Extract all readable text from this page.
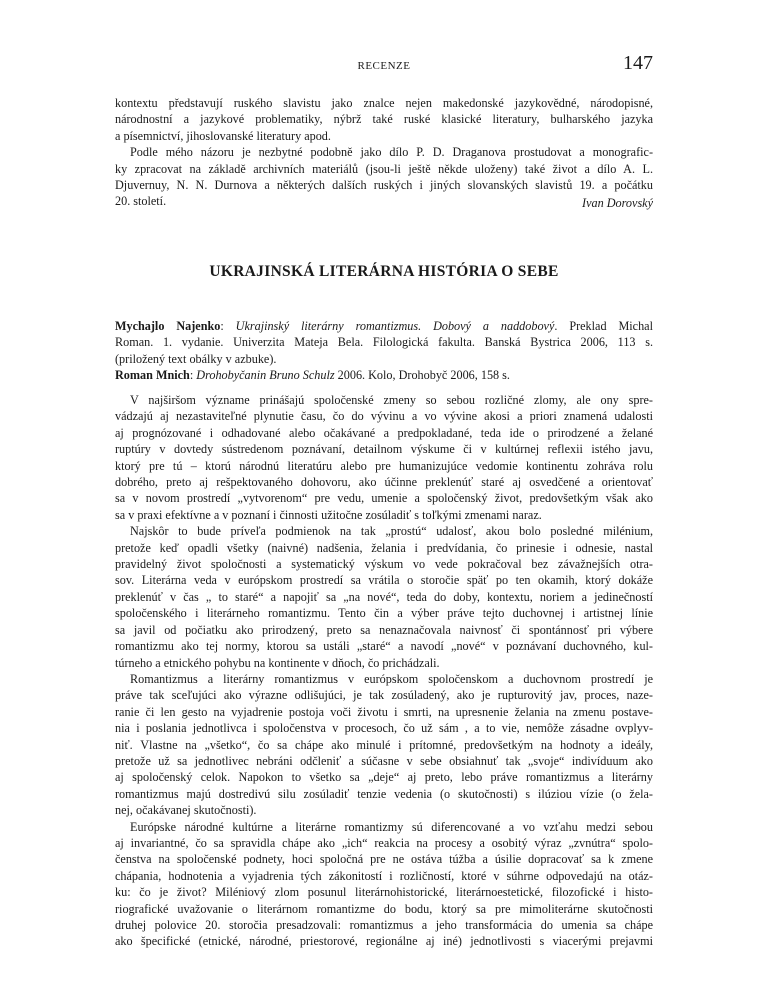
RECENZE	147
kontextu představují ruského slavistu jako znalce nejen makedonské jazykovědné, národopisné,
národnostní a jazykové problematiky, nýbrž také ruské klasické literatury, bulharského jazyka
a písemnictví, jihoslovanské literatury apod.
Podle mého názoru je nezbytné podobně jako dílo P. D. Draganova prostudovat a monografic-
ky zpracovat na základě archivních materiálů (jsou-li ještě někde uloženy) také život a dílo A. L.
Djuvernuy, N. N. Durnova a některých dalších ruských i jiných slovanských slavistů 19. a počátku
20. století.	Ivan Dorovský
UKRAJINSKÁ LITERÁRNA HISTÓRIA O SEBE
Mychajlo Najenko: Ukrajinský literárny romantizmus. Dobový a naddobový. Preklad Michal
Roman. 1. vydanie. Univerzita Mateja Bela. Filologická fakulta. Banská Bystrica 2006, 113 s.
(priložený text obálky v azbuke).
Roman Mnich: Drohobyčanin Bruno Schulz 2006. Kolo, Drohobyč 2006, 158 s.
V najširšom význame prinášajú spoločenské zmeny so sebou rozličné zlomy, ale ony spre-
vádzajú aj nezastaviteľné plynutie času, čo do vývinu a vo vývine akosi a priori znamená udalosti
aj prognózované i odhadované alebo očakávané a predpokladané, teda ide o prirodzené a želané
ruptúry v dovtedy sústredenom poznávaní, detailnom výskume či v kultúrnej reflexii istého javu,
ktorý pre tú – ktorú národnú literatúru alebo pre humanizujúce vedomie kontinentu zohráva rolu
dobrého, preto aj rešpektovaného dohovoru, ako účinne preklenúť staré aj osvedčené a orientovať
sa v novom prostredí „vytvorenom“ pre vedu, umenie a spoločenský život, predovšetkým však ako
sa v praxi efektívne a v poznaní i činnosti užitočne zosúladiť s toľkými zmenami naraz.
Najskôr to bude príveľa podmienok na tak „prostú“ udalosť, akou bolo posledné milénium,
pretože keď opadli všetky (naivné) nadšenia, želania i predvídania, čo prinesie i odnesie, nastal
pravidelný život spoločnosti a systematický výskum vo vede pokračoval bez závažnejších otra-
sov. Literárna veda v európskom prostredí sa vrátila o storočie späť po ten okamih, ktorý dokáže
preklenúť v čas „ to staré“ a napojiť sa „na nové“, teda do doby, kontextu, noriem a jedinečností
spoločenského i literárneho romantizmu. Tento čin a výber práve tejto duchovnej i artistnej línie
sa javil od počiatku ako prirodzený, preto sa nenaznačovala naivnosť či spontánnosť pri výbere
romantizmu ako tej normy, ktorou sa ustáli „staré“ a navodí „nové“ v poznávaní duchovného, kul-
túrneho a etnického pohybu na kontinente v dňoch, čo prichádzali.
Romantizmus a literárny romantizmus v európskom spoločenskom a duchovnom prostredí je
práve tak sceľujúci ako výrazne odlišujúci, je tak zosúladený, ako je rupturovitý jav, proces, naze-
ranie či len gesto na vyjadrenie postoja voči životu i smrti, na upresnenie želania na zmenu postave-
nia i poslania jednotlivca i spoločenstva v procesoch, čo už sám , a to vie, nemôže zásadne ovplyv-
niť. Vlastne na „všetko“, čo sa chápe ako minulé i prítomné, predovšetkým na hodnoty a ideály,
pretože už sa jednotlivec nebráni odčleniť a súčasne v sebe obsiahnuť tak „svoje“ indivíduum ako
aj spoločenský celok. Napokon to všetko sa „deje“ aj preto, lebo práve romantizmus a literárny
romantizmus majú dostredivú silu zosúladiť tenzie vedenia (o skutočnosti) s ilúziou vízie (o žela-
nej, očakávanej skutočnosti).
Európske národné kultúrne a literárne romantizmy sú diferencované a vo vzťahu medzi sebou
aj invariantné, čo sa spravidla chápe ako „ich“ reakcia na procesy a osobitý výraz „zvnútra“ spolo-
čenstva na spoločenské podnety, hoci spoločná pre ne ostáva túžba a úsilie dopracovať sa k zmene
chápania, hodnotenia a vyjadrenia tých zákonitostí i rozličností, ktoré v súhrne odpovedajú na otáz-
ku: čo je život? Miléniový zlom posunul literárnohistorické, literárnoestetické, filozofické i histo-
riografické uvažovanie o literárnom romantizme do bodu, ktorý sa pre mimoliterárne skutočnosti
druhej polovice 20. storočia presadzovali: romantizmus a jeho transformácia do umenia sa chápe
ako špecifické (etnické, národné, priestorové, regionálne aj iné) jednotlivosti s viacerými prejavmi
